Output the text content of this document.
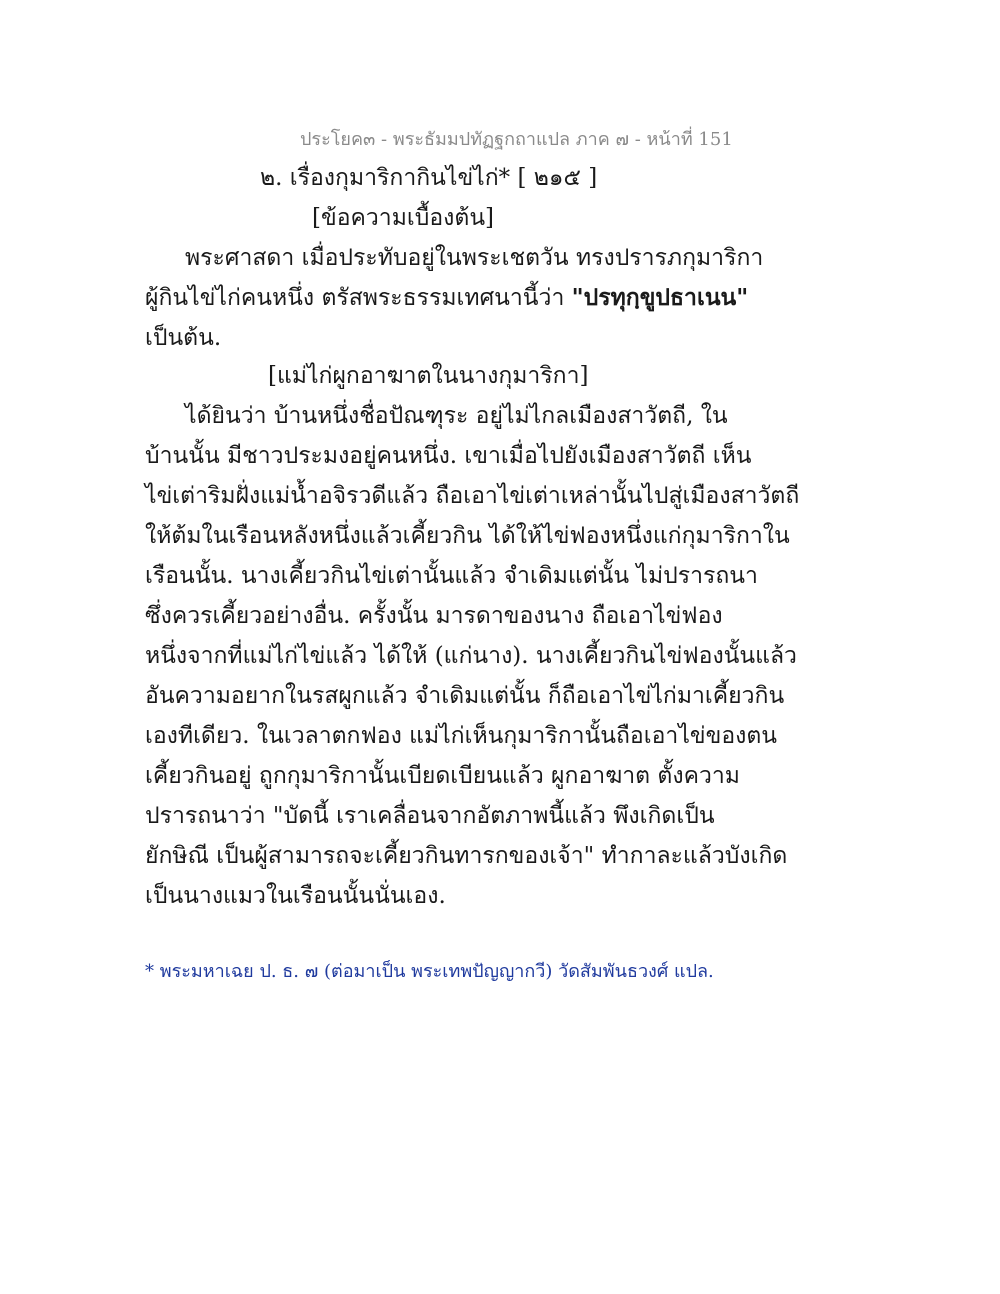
ประโยค๓ - พระธัมมปทัฏฐกถาแปล ภาค ๗ - หน้าที่ 151
๒. เรื่องกุมาริกากินไข่ไก่* [ ๒๑๕ ]
[ข้อความเบื้องต้น]
พระศาสดา เมื่อประทับอยู่ในพระเชตวัน ทรงปรารภกุมาริกา
ผู้กินไข่ไก่คนหนึ่ง ตรัสพระธรรมเทศนานี้ว่า "ปรทุกฺขูปธาเนน"
เป็นต้น.
[แม่ไก่ผูกอาฆาตในนางกุมาริกา]
ได้ยินว่า บ้านหนึ่งชื่อปัณฑุระ อยู่ไม่ไกลเมืองสาวัตถี, ใน
บ้านนั้น มีชาวประมงอยู่คนหนึ่ง. เขาเมื่อไปยังเมืองสาวัตถี เห็น
ไข่เต่าริมฝั่งแม่น้ำอจิรวดีแล้ว ถือเอาไข่เต่าเหล่านั้นไปสู่เมืองสาวัตถี
ให้ต้มในเรือนหลังหนึ่งแล้วเคี้ยวกิน ได้ให้ไข่ฟองหนึ่งแก่กุมาริกาใน
เรือนนั้น. นางเคี้ยวกินไข่เต่านั้นแล้ว จำเดิมแต่นั้น ไม่ปรารถนา
ซึ่งควรเคี้ยวอย่างอื่น. ครั้งนั้น มารดาของนาง ถือเอาไข่ฟอง
หนึ่งจากที่แม่ไก่ไข่แล้ว ได้ให้ (แก่นาง). นางเคี้ยวกินไข่ฟองนั้นแล้ว
อันความอยากในรสผูกแล้ว จำเดิมแต่นั้น ก็ถือเอาไข่ไก่มาเคี้ยวกิน
เองทีเดียว. ในเวลาตกฟอง แม่ไก่เห็นกุมาริกานั้นถือเอาไข่ของตน
เคี้ยวกินอยู่ ถูกกุมาริกานั้นเบียดเบียนแล้ว ผูกอาฆาต ตั้งความ
ปรารถนาว่า "บัดนี้ เราเคลื่อนจากอัตภาพนี้แล้ว พึงเกิดเป็น
ยักษิณี เป็นผู้สามารถจะเคี้ยวกินทารกของเจ้า" ทำกาละแล้วบังเกิด
เป็นนางแมวในเรือนนั้นนั่นเอง.
* พระมหาเฉย ป. ธ. ๗ (ต่อมาเป็น พระเทพปัญญากวี) วัดสัมพันธวงศ์ แปล.
